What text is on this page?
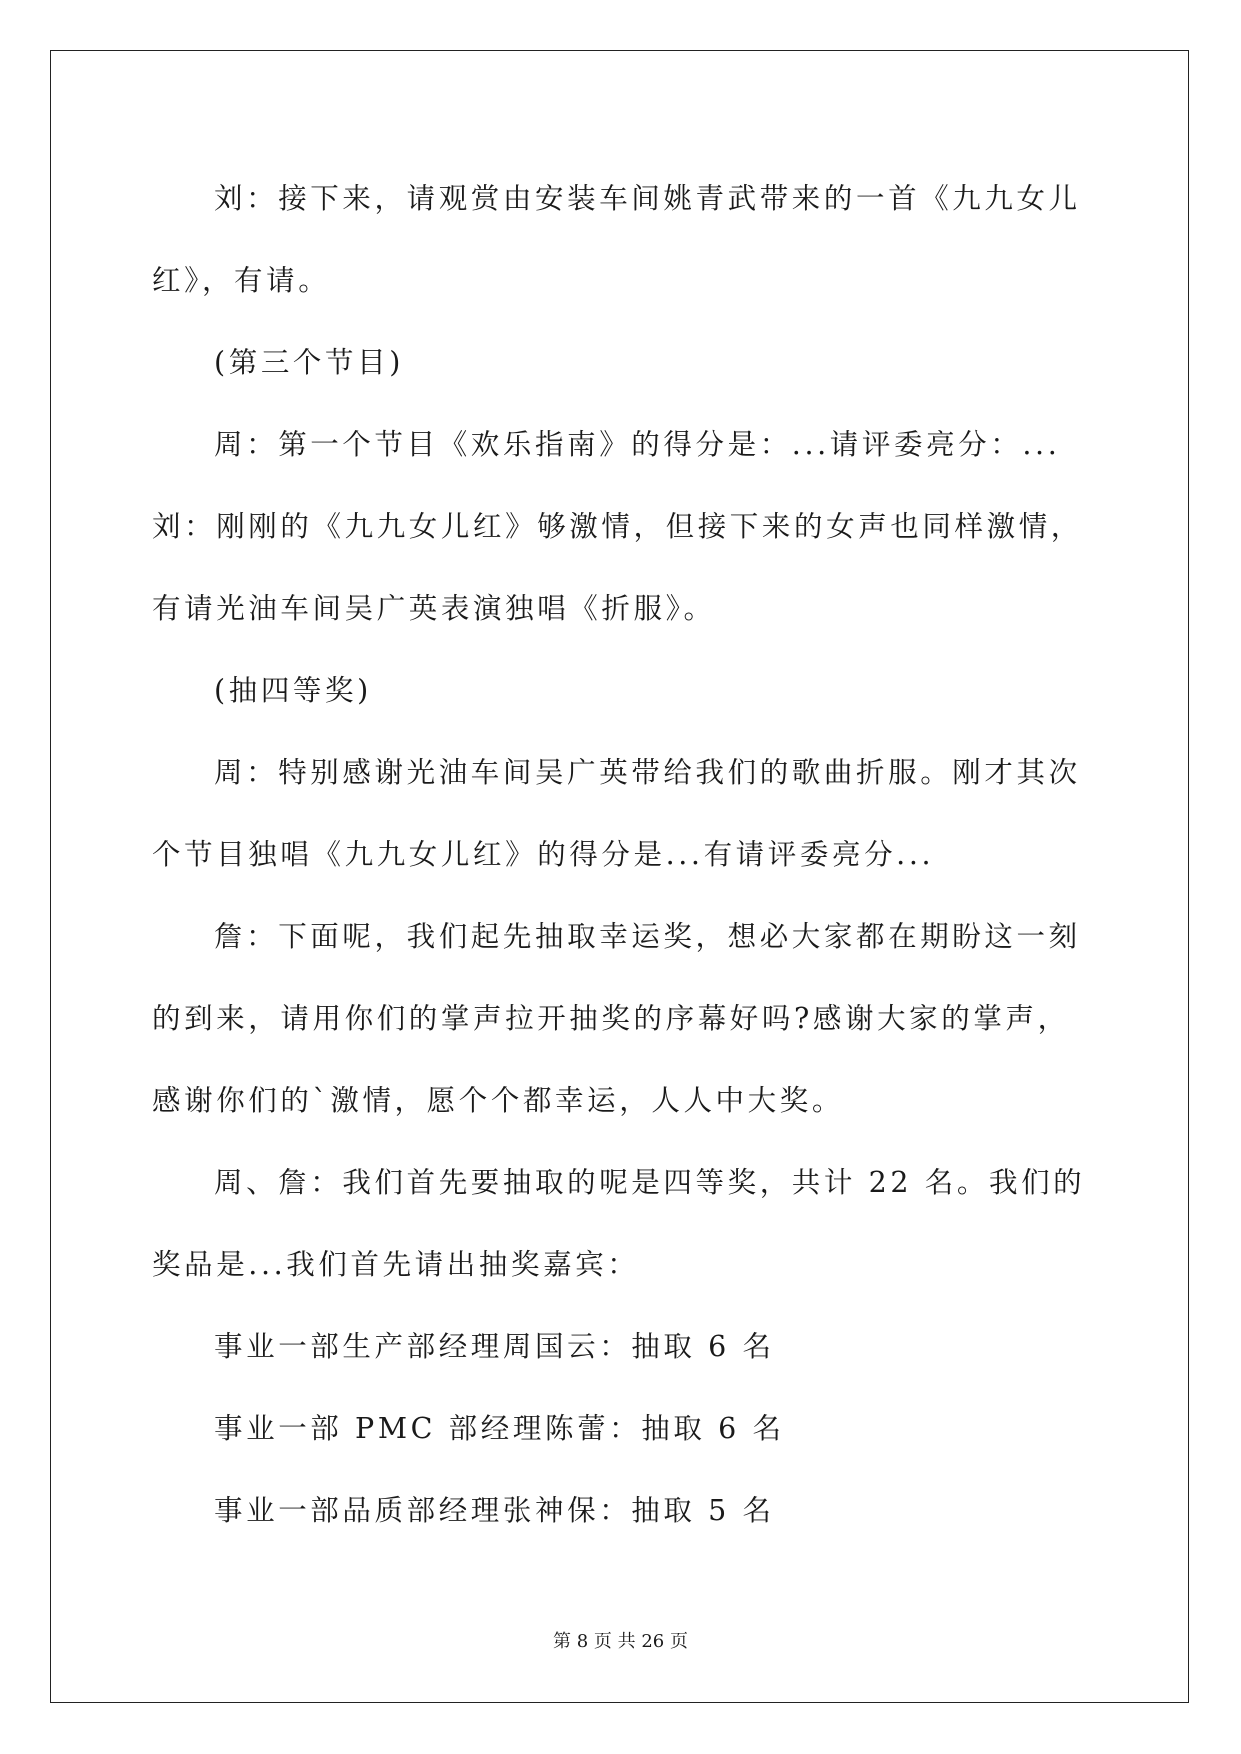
刘：接下来，请观赏由安装车间姚青武带来的一首《九九女儿红》，有请。

(第三个节目)

周：第一个节目《欢乐指南》的得分是：...请评委亮分：...刘：刚刚的《九九女儿红》够激情，但接下来的女声也同样激情，有请光油车间吴广英表演独唱《折服》。

(抽四等奖)

周：特别感谢光油车间吴广英带给我们的歌曲折服。刚才其次个节目独唱《九九女儿红》的得分是...有请评委亮分...

詹：下面呢，我们起先抽取幸运奖，想必大家都在期盼这一刻的到来，请用你们的掌声拉开抽奖的序幕好吗?感谢大家的掌声，感谢你们的`激情，愿个个都幸运，人人中大奖。

周、詹：我们首先要抽取的呢是四等奖，共计 22 名。我们的奖品是...我们首先请出抽奖嘉宾：

事业一部生产部经理周国云：抽取 6 名

事业一部 PMC 部经理陈蕾：抽取 6 名

事业一部品质部经理张神保：抽取 5 名

第 8 页 共 26 页
